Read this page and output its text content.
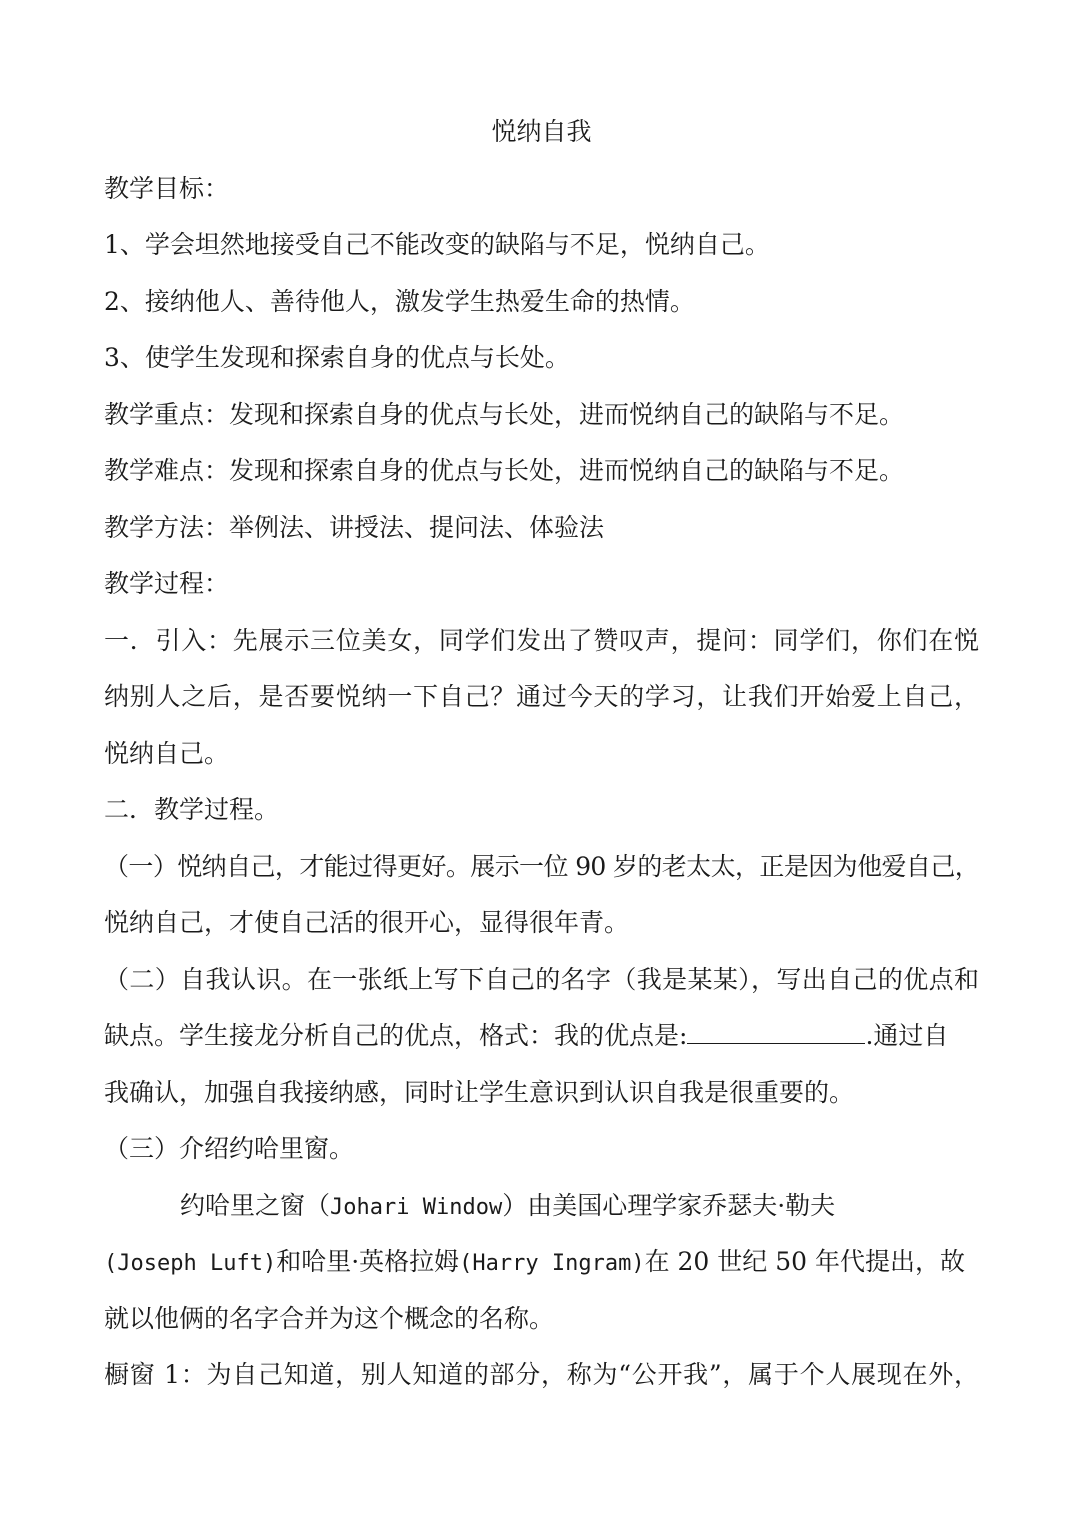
悦纳自我
教学目标：
1、学会坦然地接受自己不能改变的缺陷与不足，悦纳自己。
2、接纳他人、善待他人，激发学生热爱生命的热情。
3、使学生发现和探索自身的优点与长处。
教学重点：发现和探索自身的优点与长处，进而悦纳自己的缺陷与不足。
教学难点：发现和探索自身的优点与长处，进而悦纳自己的缺陷与不足。
教学方法：举例法、讲授法、提问法、体验法
教学过程：
一．引入：先展示三位美女，同学们发出了赞叹声，提问：同学们，你们在悦
纳别人之后，是否要悦纳一下自己？通过今天的学习，让我们开始爱上自己，
悦纳自己。
二．教学过程。
（一）悦纳自己，才能过得更好。展示一位 90 岁的老太太，正是因为他爱自己，
悦纳自己，才使自己活的很开心，显得很年青。
（二）自我认识。在一张纸上写下自己的名字（我是某某），写出自己的优点和
缺点。学生接龙分析自己的优点，格式：我的优点是:	.通过自
我确认，加强自我接纳感，同时让学生意识到认识自我是很重要的。
（三）介绍约哈里窗。
约哈里之窗（Johari Window）由美国心理学家乔瑟夫·勒夫
(Joseph Luft)和哈里·英格拉姆(Harry Ingram)在 20 世纪 50 年代提出，故
就以他俩的名字合并为这个概念的名称。
橱窗 1：为自己知道，别人知道的部分，称为“公开我”，属于个人展现在外，
